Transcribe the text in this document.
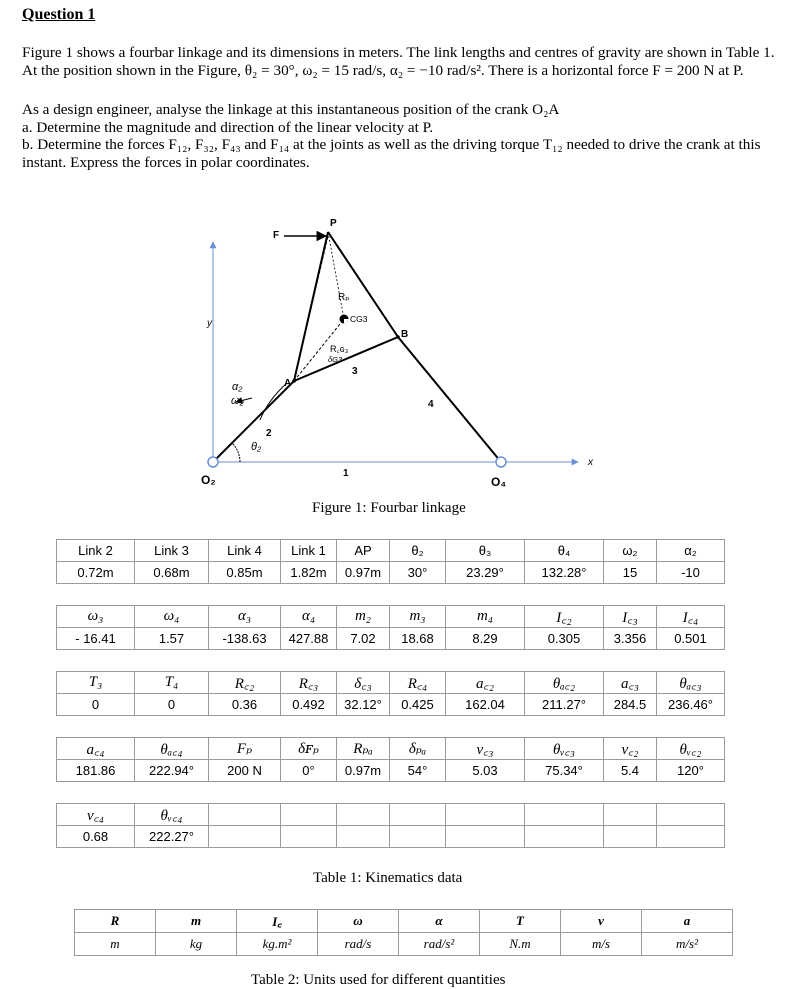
Question 1
Figure 1 shows a fourbar linkage and its dimensions in meters. The link lengths and centres of gravity are shown in Table 1. At the position shown in the Figure, θ₂ = 30°, ω₂ = 15 rad/s, α₂ = −10 rad/s². There is a horizontal force F = 200 N at P.
As a design engineer, analyse the linkage at this instantaneous position of the crank O₂A
a. Determine the magnitude and direction of the linear velocity at P.
b. Determine the forces F₁₂, F₃₂, F₄₃ and F₁₄ at the joints as well as the driving torque T₁₂ needed to drive the crank at this instant. Express the forces in polar coordinates.
P
F
Rₚ
CG3
R꜀ɢ₃
δG3
3
B
A
α₂
ω₂
2
θ₂
4
y
1
O₂	O₄
x
Figure 1: Fourbar linkage
Link 2	Link 3	Link 4	Link 1	AP	θ₂	θ₃	θ₄	ω₂	α₂
0.72m	0.68m	0.85m	1.82m	0.97m	30°	23.29°	132.28°	15	-10

ω₃	ω₄	α₃	α₄	m₂	m₃	m₄	I꜀₂	I꜀₃	I꜀₄
- 16.41	1.57	-138.63	427.88	7.02	18.68	8.29	0.305	3.356	0.501

T₃	T₄	R꜀₂	R꜀₃	δ꜀₃	R꜀₄	a꜀₂	θₐ꜀₂	a꜀₃	θₐ꜀₃
0	0	0.36	0.492	32.12°	0.425	162.04	211.27°	284.5	236.46°

a꜀₄	θₐ꜀₄	Fₚ	δꜰₚ	Rₚₐ	δₚₐ	v꜀₃	θᵥ꜀₃	v꜀₂	θᵥ꜀₂
181.86	222.94°	200 N	0°	0.97m	54°	5.03	75.34°	5.4	120°

v꜀₄	θᵥ꜀₄								
0.68	222.27°								
Table 1: Kinematics data
R	m	I꜀	ω	α	T	v	a
m	kg	kg.m²	rad/s	rad/s²	N.m	m/s	m/s²
Table 2: Units used for different quantities
